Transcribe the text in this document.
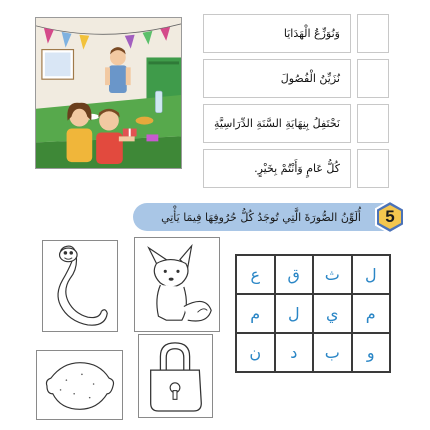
وَنُوَزِّعُ الْهَدَايَا
نُزَيِّنُ الْفُصُولَ
نَحْتَفِلُ بِنِهَايَةِ السَّنَةِ الدِّرَاسِيَّةِ
كُلُّ عَامٍ وَأَنْتُمْ بِخَيْرٍ.
أُلَوِّنُ الصُّورَةَ الَّتِي تُوجَدُ كُلُّ حُرُوفِهَا فِيمَا يَأْتِي	5
ع	ق	ث	ل
م	ل	ي	م
ن	د	ب	و
